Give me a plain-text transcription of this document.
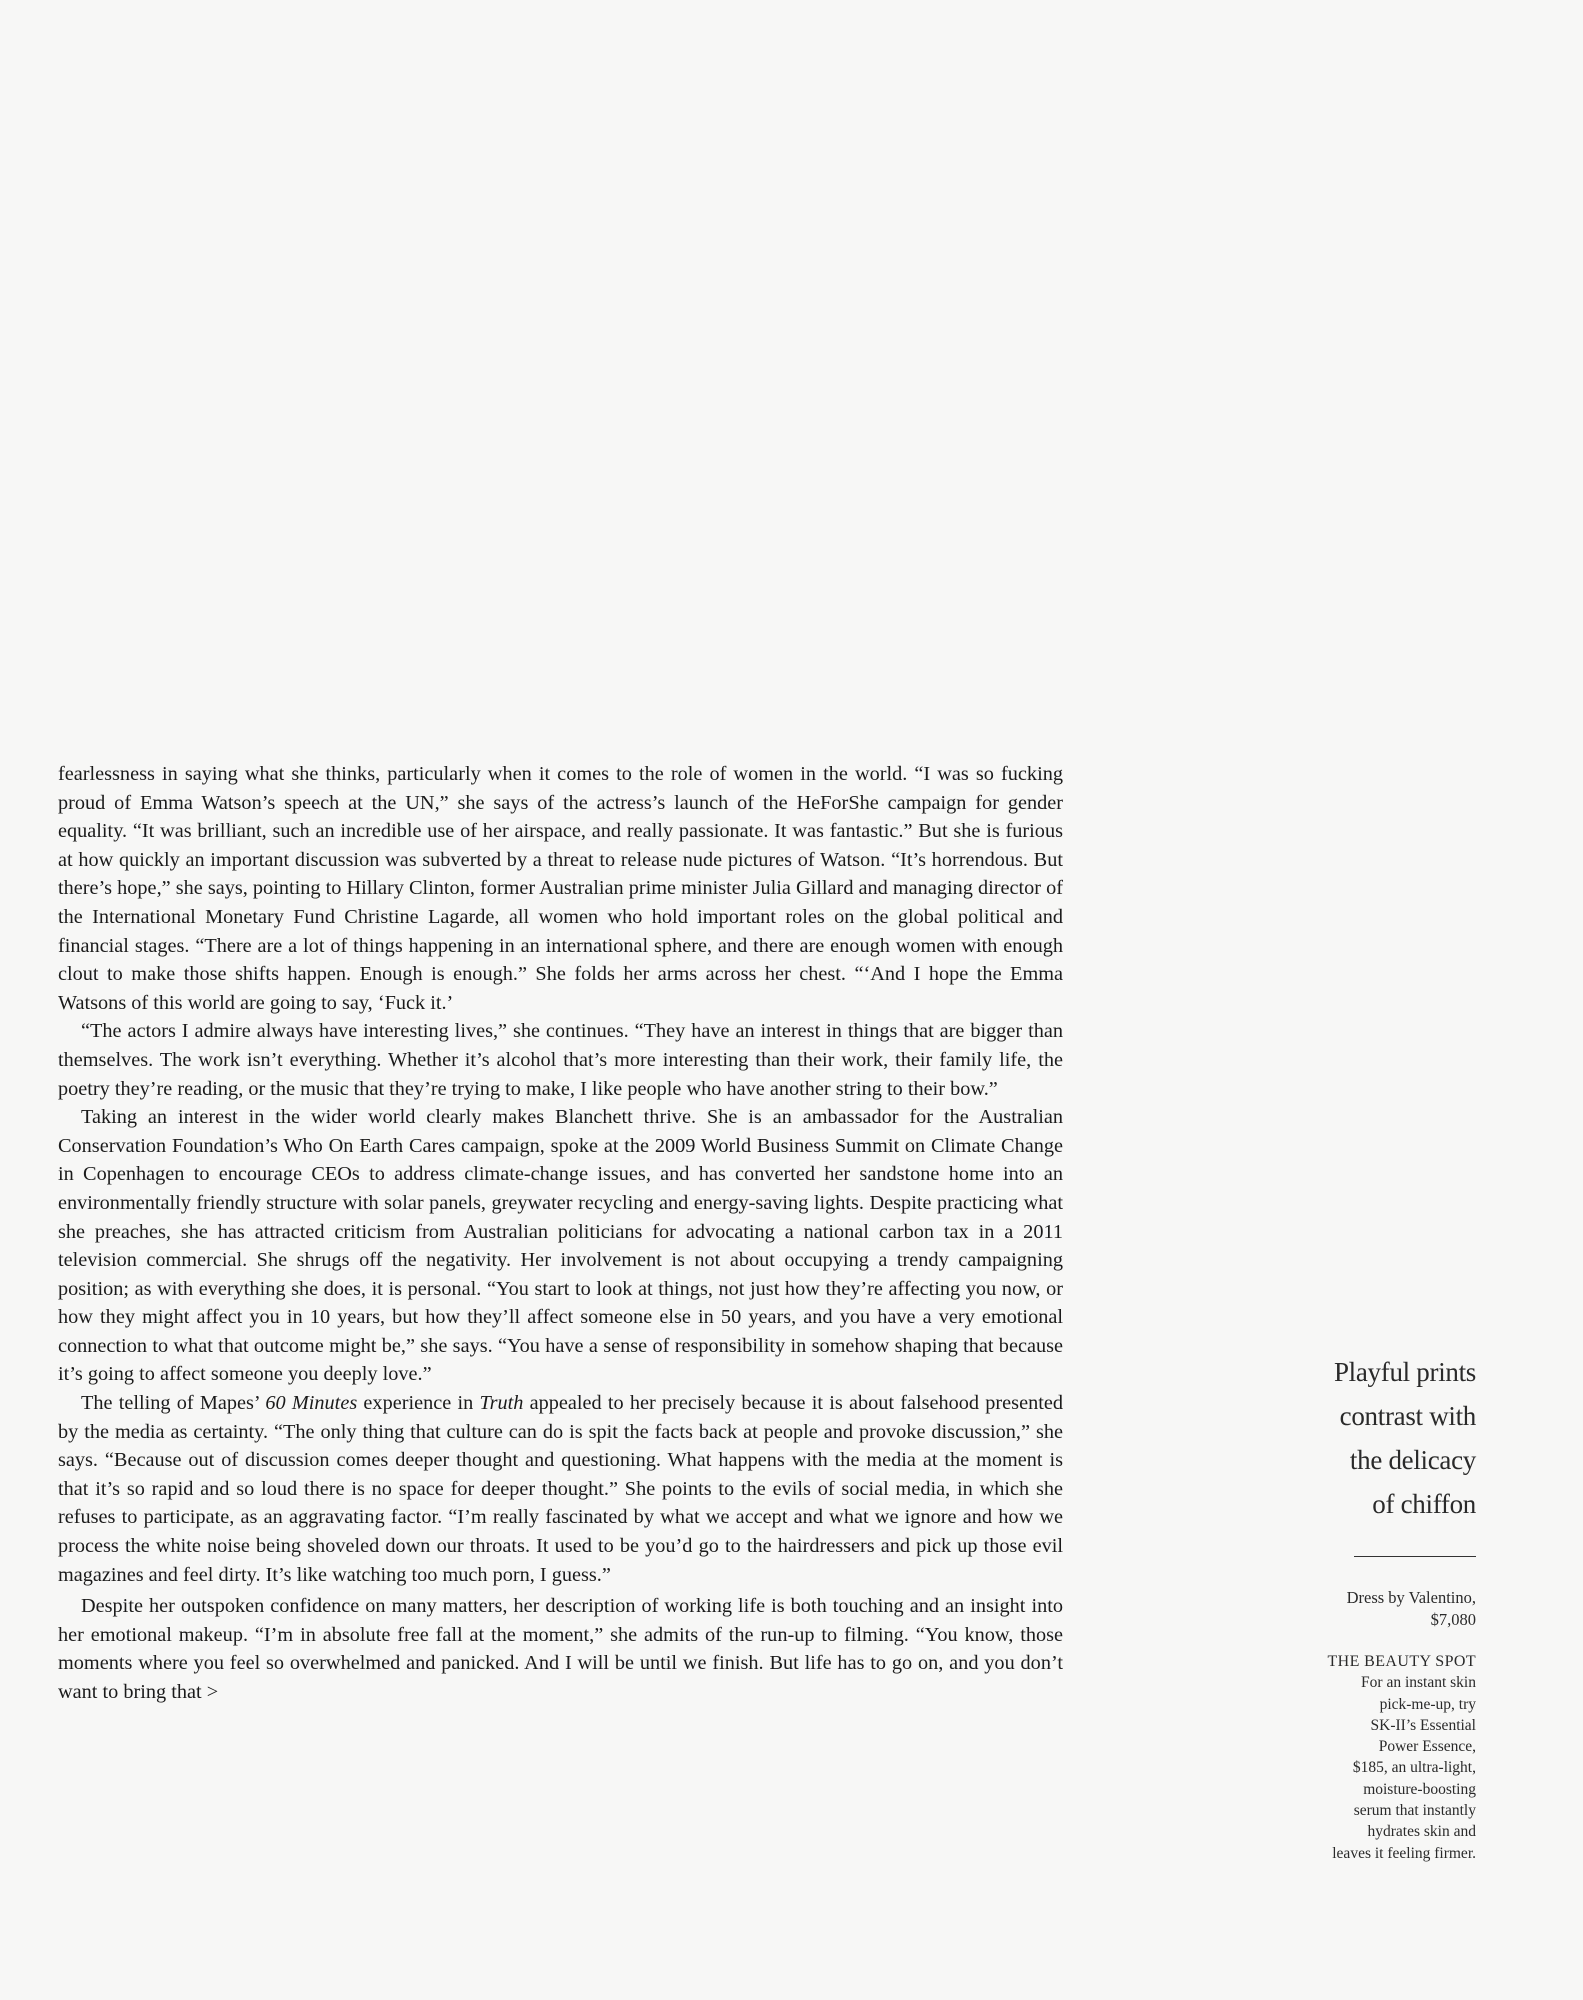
fearlessness in saying what she thinks, particularly when it comes to the role of women in the world. “I was so fucking proud of Emma Watson’s speech at the UN,” she says of the actress’s launch of the HeForShe campaign for gender equality. “It was brilliant, such an incredible use of her airspace, and really passionate. It was fantastic.” But she is furious at how quickly an important discussion was subverted by a threat to release nude pictures of Watson. “It’s horrendous. But there’s hope,” she says, pointing to Hillary Clinton, former Australian prime minister Julia Gillard and managing director of the International Monetary Fund Christine Lagarde, all women who hold important roles on the global political and financial stages. “There are a lot of things happening in an international sphere, and there are enough women with enough clout to make those shifts happen. Enough is enough.” She folds her arms across her chest. “‘And I hope the Emma Watsons of this world are going to say, ‘Fuck it.’

“The actors I admire always have interesting lives,” she continues. “They have an interest in things that are bigger than themselves. The work isn’t everything. Whether it’s alcohol that’s more interesting than their work, their family life, the poetry they’re reading, or the music that they’re trying to make, I like people who have another string to their bow.”

Taking an interest in the wider world clearly makes Blanchett thrive. She is an ambassador for the Australian Conservation Foundation’s Who On Earth Cares campaign, spoke at the 2009 World Business Summit on Climate Change in Copenhagen to encourage CEOs to address climate-change issues, and has converted her sandstone home into an environmentally friendly structure with solar panels, greywater recycling and energy-saving lights. Despite practicing what she preaches, she has attracted criticism from Australian politicians for advocating a national carbon tax in a 2011 television commercial. She shrugs off the negativity. Her involvement is not about occupying a trendy campaigning position; as with everything she does, it is personal. “You start to look at things, not just how they’re affecting you now, or how they might affect you in 10 years, but how they’ll affect someone else in 50 years, and you have a very emotional connection to what that outcome might be,” she says. “You have a sense of responsibility in somehow shaping that because it’s going to affect someone you deeply love.”

The telling of Mapes’ 60 Minutes experience in Truth appealed to her precisely because it is about falsehood presented by the media as certainty. “The only thing that culture can do is spit the facts back at people and provoke discussion,” she says. “Because out of discussion comes deeper thought and questioning. What happens with the media at the moment is that it’s so rapid and so loud there is no space for deeper thought.” She points to the evils of social media, in which she refuses to participate, as an aggravating factor. “I’m really fascinated by what we accept and what we ignore and how we process the white noise being shoveled down our throats. It used to be you’d go to the hairdressers and pick up those evil magazines and feel dirty. It’s like watching too much porn, I guess.”

Despite her outspoken confidence on many matters, her description of working life is both touching and an insight into her emotional makeup. “I’m in absolute free fall at the moment,” she admits of the run-up to filming. “You know, those moments where you feel so overwhelmed and panicked. And I will be until we finish. But life has to go on, and you don’t want to bring that >

Playful prints
contrast with
the delicacy
of chiffon
Dress by Valentino,
$7,080
THE BEAUTY SPOT
For an instant skin
pick-me-up, try
SK-II’s Essential
Power Essence,
$185, an ultra-light,
moisture-boosting
serum that instantly
hydrates skin and
leaves it feeling firmer.
